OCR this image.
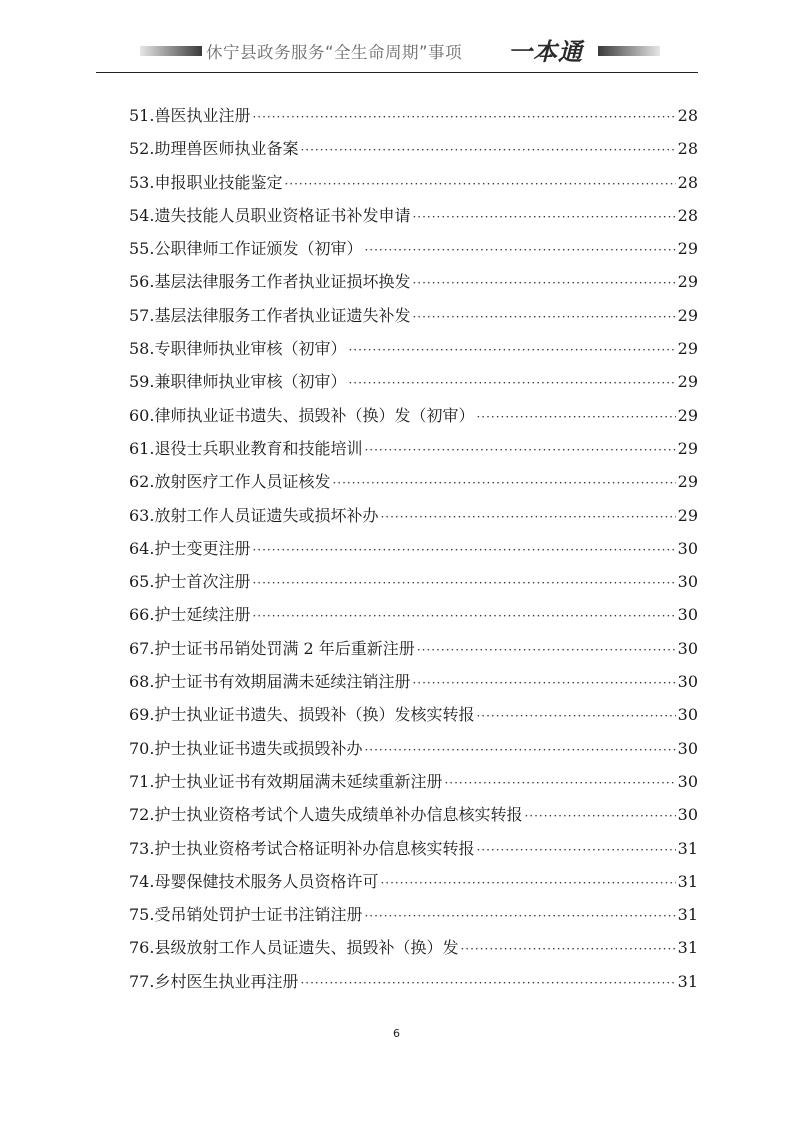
休宁县政务服务“全生命周期”事项 一本通
51.兽医执业注册 ·····	28
52.助理兽医师执业备案 ·····	28
53.申报职业技能鉴定 ·····	28
54.遗失技能人员职业资格证书补发申请 ·····	28
55.公职律师工作证颁发（初审） ·····	29
56.基层法律服务工作者执业证损坏换发 ·····	29
57.基层法律服务工作者执业证遗失补发 ·····	29
58.专职律师执业审核（初审） ·····	29
59.兼职律师执业审核（初审） ·····	29
60.律师执业证书遗失、损毁补（换）发（初审） ·····	29
61.退役士兵职业教育和技能培训 ·····	29
62.放射医疗工作人员证核发 ·····	29
63.放射工作人员证遗失或损坏补办 ·····	29
64.护士变更注册 ·····	30
65.护士首次注册 ·····	30
66.护士延续注册 ·····	30
67.护士证书吊销处罚满 2 年后重新注册 ·····	30
68.护士证书有效期届满未延续注销注册 ·····	30
69.护士执业证书遗失、损毁补（换）发核实转报 ·····	30
70.护士执业证书遗失或损毁补办 ·····	30
71.护士执业证书有效期届满未延续重新注册 ·····	30
72.护士执业资格考试个人遗失成绩单补办信息核实转报 ·····	30
73.护士执业资格考试合格证明补办信息核实转报 ·····	31
74.母婴保健技术服务人员资格许可 ·····	31
75.受吊销处罚护士证书注销注册 ·····	31
76.县级放射工作人员证遗失、损毁补（换）发 ·····	31
77.乡村医生执业再注册 ·····	31
6
